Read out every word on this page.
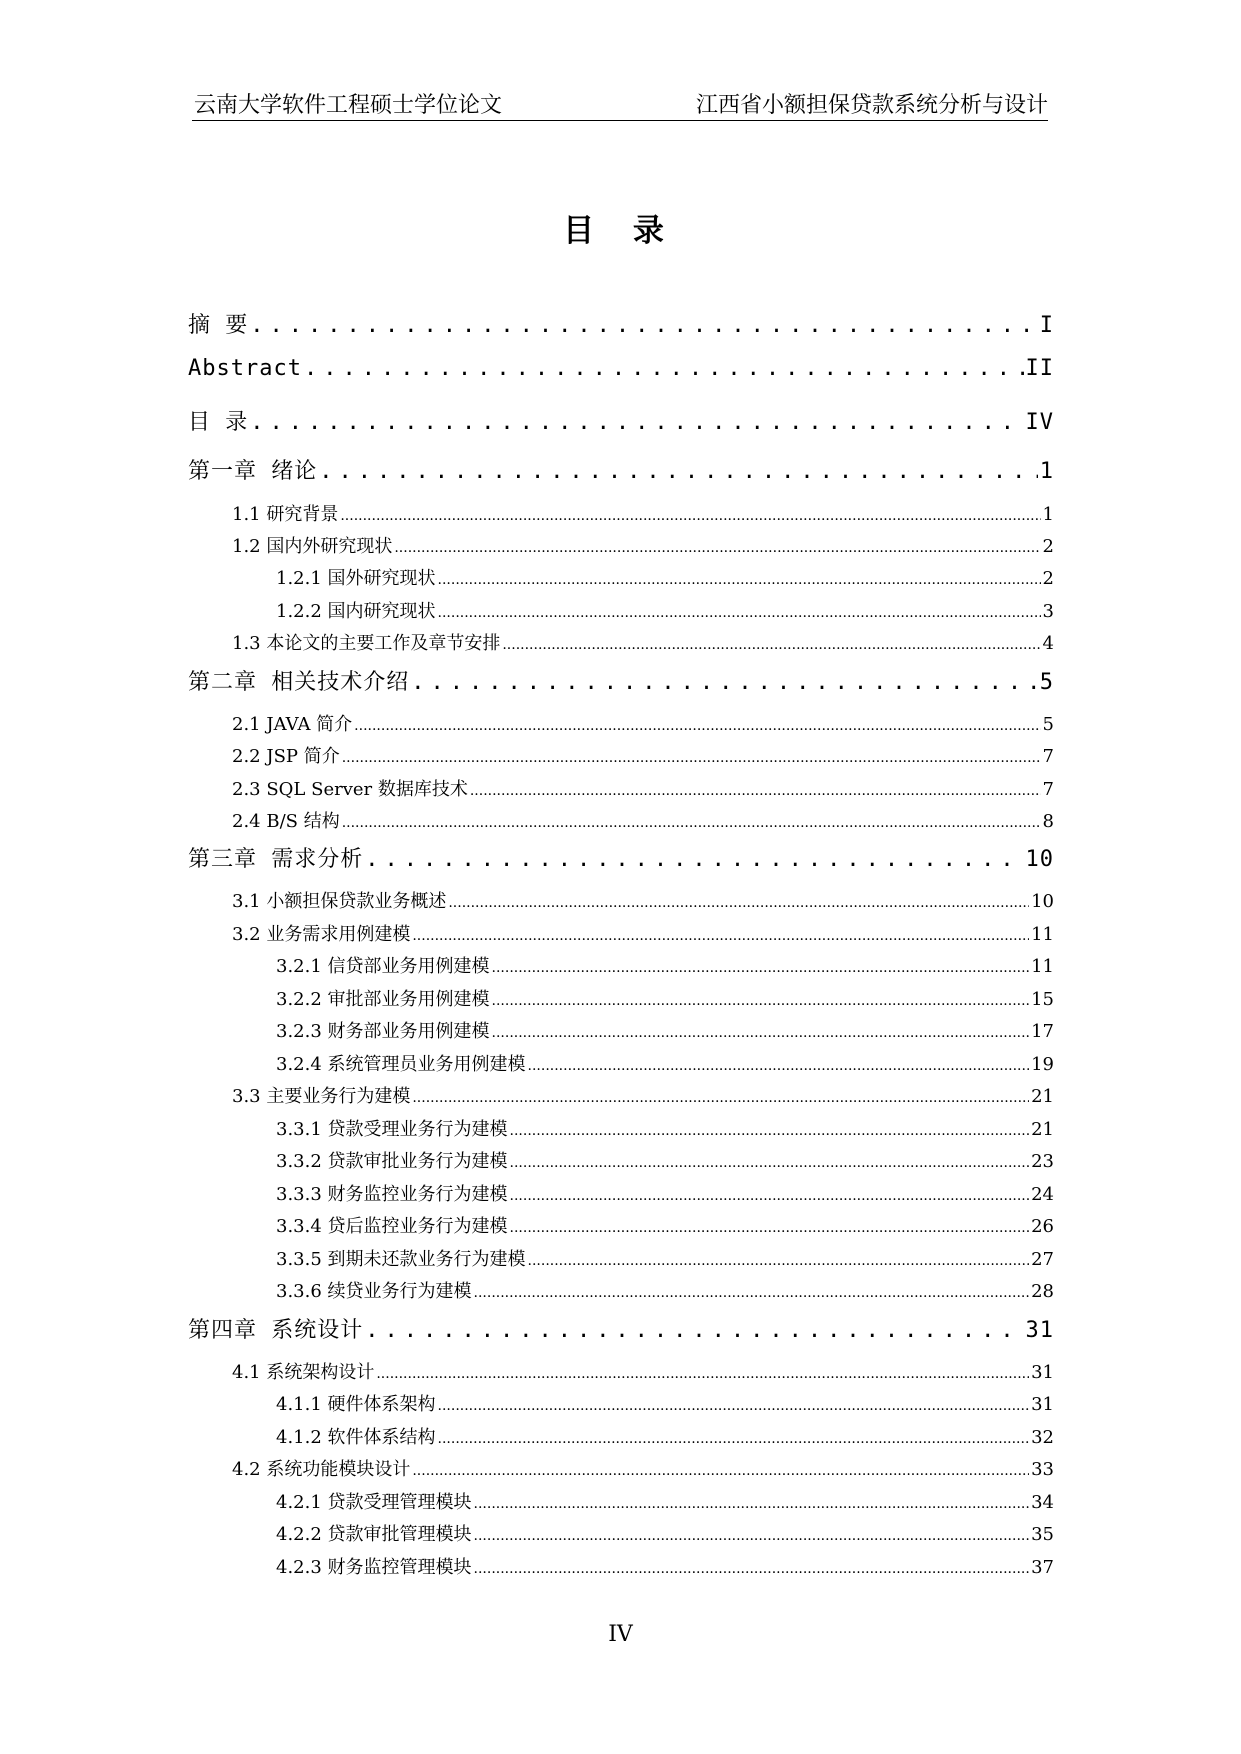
云南大学软件工程硕士学位论文	江西省小额担保贷款系统分析与设计
目 录
摘 要 .....	I
Abstract .....	II
目 录 .....	IV
第一章 绪论 .....	1
1.1 研究背景 .....	1
1.2 国内外研究现状 .....	2
1.2.1 国外研究现状 .....	2
1.2.2 国内研究现状 .....	3
1.3 本论文的主要工作及章节安排 .....	4
第二章 相关技术介绍 .....	5
2.1 JAVA 简介 .....	5
2.2 JSP 简介 .....	7
2.3 SQL Server 数据库技术 .....	7
2.4 B/S 结构 .....	8
第三章 需求分析 .....	10
3.1 小额担保贷款业务概述 .....	10
3.2 业务需求用例建模 .....	11
3.2.1 信贷部业务用例建模 .....	11
3.2.2 审批部业务用例建模 .....	15
3.2.3 财务部业务用例建模 .....	17
3.2.4 系统管理员业务用例建模 .....	19
3.3 主要业务行为建模 .....	21
3.3.1 贷款受理业务行为建模 .....	21
3.3.2 贷款审批业务行为建模 .....	23
3.3.3 财务监控业务行为建模 .....	24
3.3.4 贷后监控业务行为建模 .....	26
3.3.5 到期未还款业务行为建模 .....	27
3.3.6 续贷业务行为建模 .....	28
第四章 系统设计 .....	31
4.1 系统架构设计 .....	31
4.1.1 硬件体系架构 .....	31
4.1.2 软件体系结构 .....	32
4.2 系统功能模块设计 .....	33
4.2.1 贷款受理管理模块 .....	34
4.2.2 贷款审批管理模块 .....	35
4.2.3 财务监控管理模块 .....	37
IV
